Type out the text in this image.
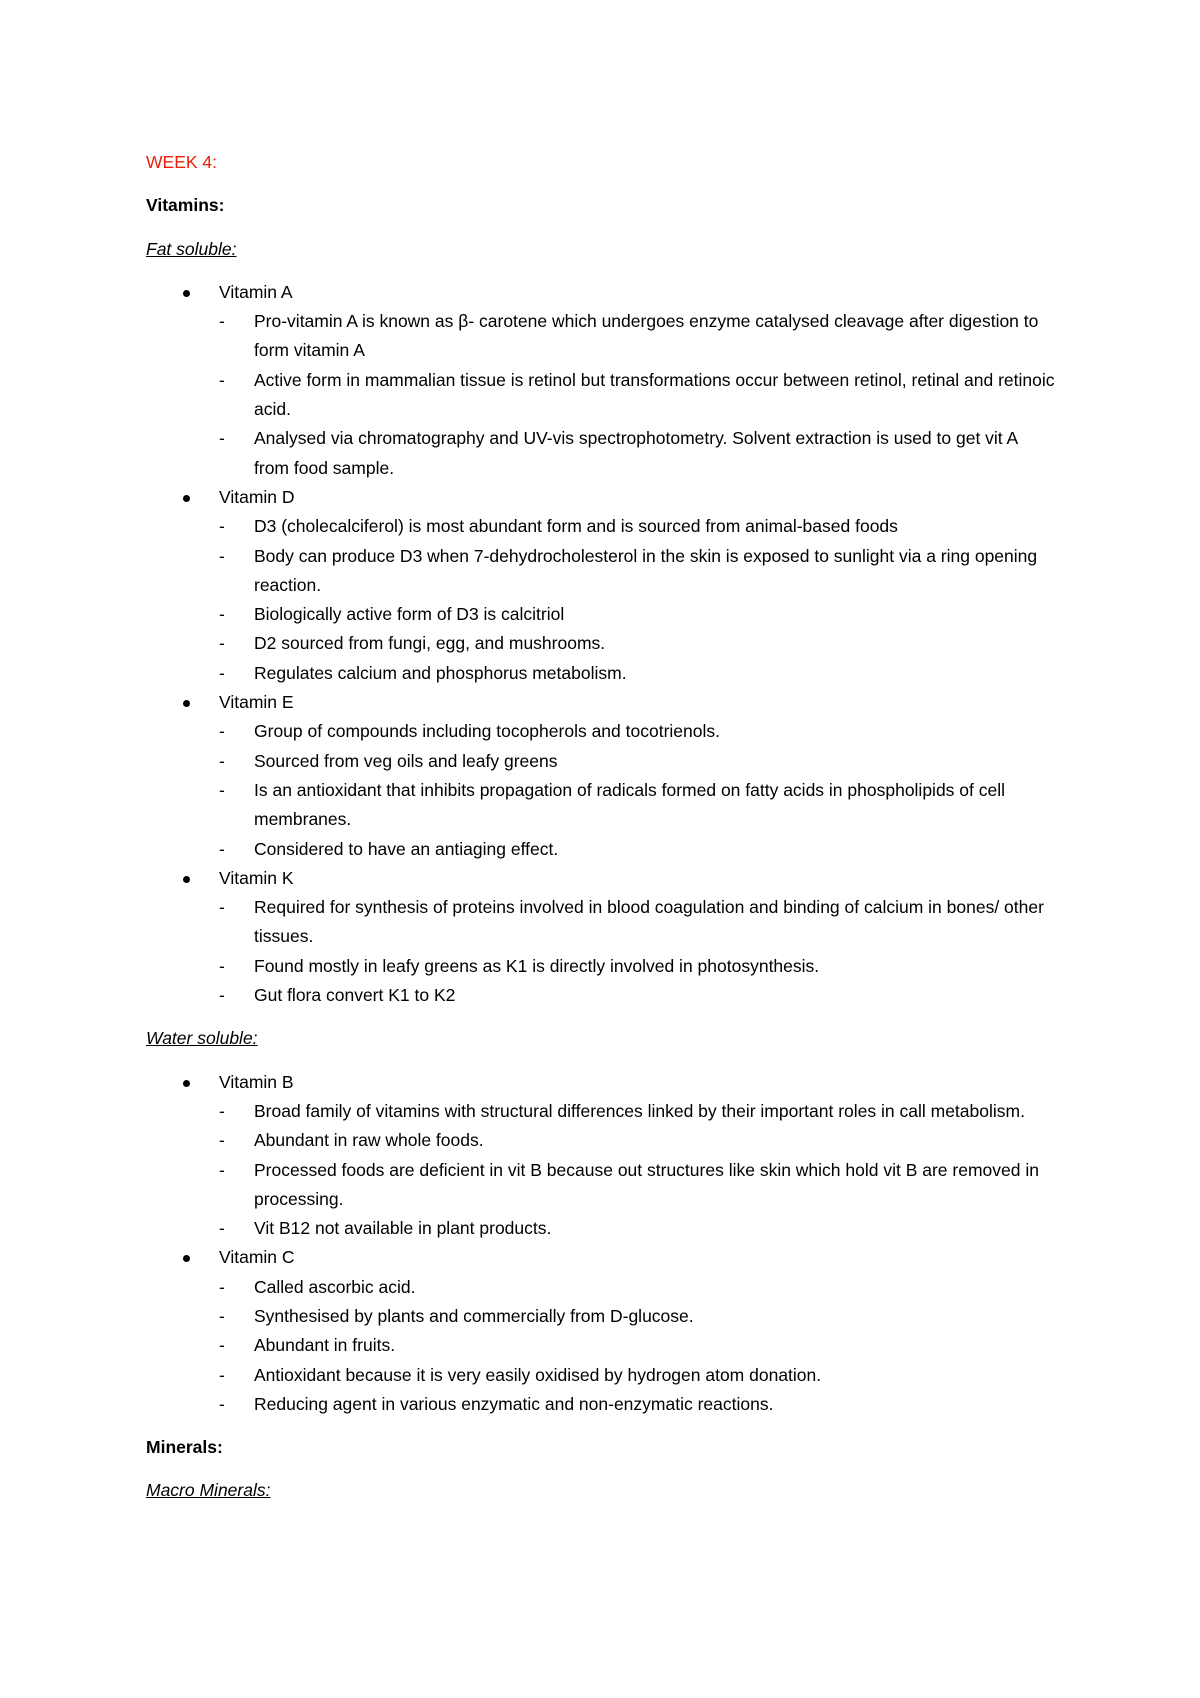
WEEK 4:
Vitamins:
Fat soluble:
Vitamin A
-	Pro-vitamin A is known as β- carotene which undergoes enzyme catalysed cleavage after digestion to form vitamin A
-	Active form in mammalian tissue is retinol but transformations occur between retinol, retinal and retinoic acid.
-	Analysed via chromatography and UV-vis spectrophotometry. Solvent extraction is used to get vit A from food sample.
Vitamin D
-	D3 (cholecalciferol) is most abundant form and is sourced from animal-based foods
-	Body can produce D3 when 7-dehydrocholesterol in the skin is exposed to sunlight via a ring opening reaction.
-	Biologically active form of D3 is calcitriol
-	D2 sourced from fungi, egg, and mushrooms.
-	Regulates calcium and phosphorus metabolism.
Vitamin E
-	Group of compounds including tocopherols and tocotrienols.
-	Sourced from veg oils and leafy greens
-	Is an antioxidant that inhibits propagation of radicals formed on fatty acids in phospholipids of cell membranes.
-	Considered to have an antiaging effect.
Vitamin K
-	Required for synthesis of proteins involved in blood coagulation and binding of calcium in bones/ other tissues.
-	Found mostly in leafy greens as K1 is directly involved in photosynthesis.
-	Gut flora convert K1 to K2
Water soluble:
Vitamin B
-	Broad family of vitamins with structural differences linked by their important roles in call metabolism.
-	Abundant in raw whole foods.
-	Processed foods are deficient in vit B because out structures like skin which hold vit B are removed in processing.
-	Vit B12 not available in plant products.
Vitamin C
-	Called ascorbic acid.
-	Synthesised by plants and commercially from D-glucose.
-	Abundant in fruits.
-	Antioxidant because it is very easily oxidised by hydrogen atom donation.
-	Reducing agent in various enzymatic and non-enzymatic reactions.
Minerals:
Macro Minerals:
